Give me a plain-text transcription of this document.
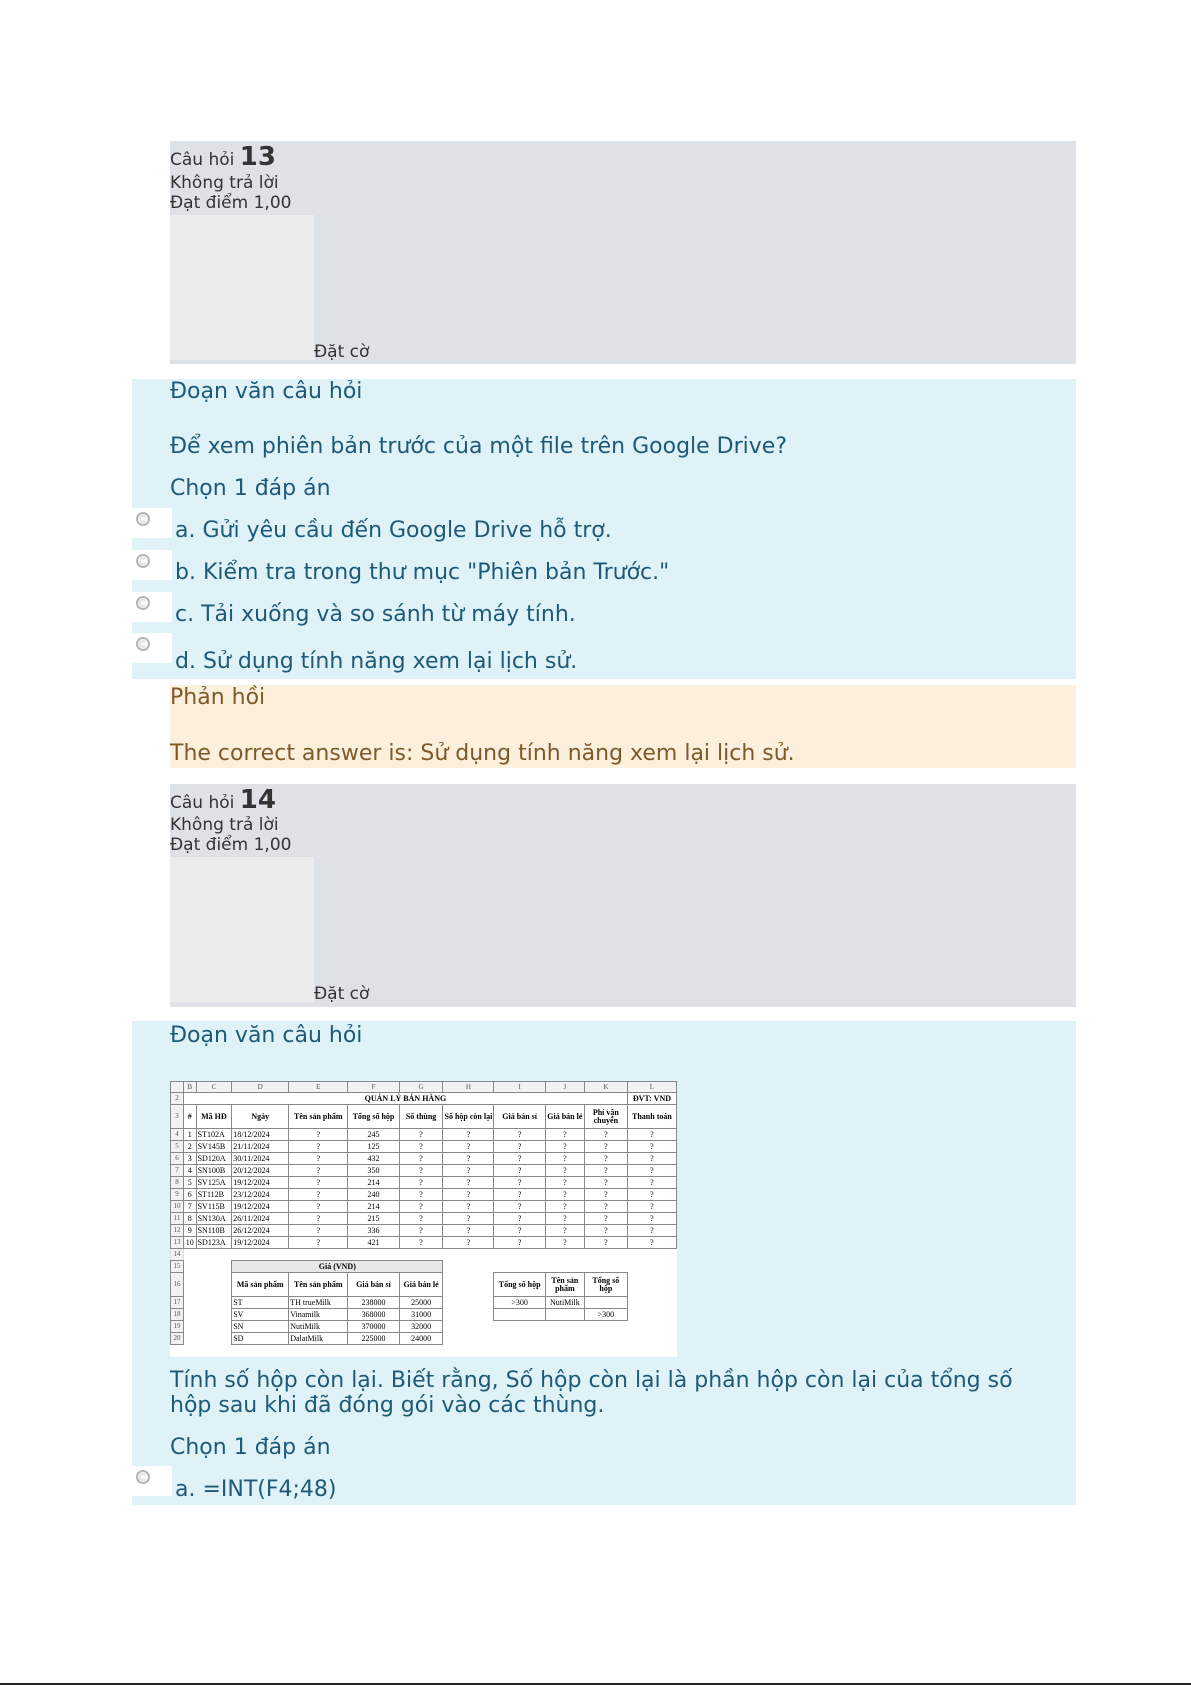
Câu hỏi 13
Không trả lời
Đạt điểm 1,00
Đặt cờ
Đoạn văn câu hỏi
Để xem phiên bản trước của một file trên Google Drive?
Chọn 1 đáp án
a. Gửi yêu cầu đến Google Drive hỗ trợ.
b. Kiểm tra trong thư mục "Phiên bản Trước."
c. Tải xuống và so sánh từ máy tính.
d. Sử dụng tính năng xem lại lịch sử.
Phản hồi
The correct answer is: Sử dụng tính năng xem lại lịch sử.
Câu hỏi 14
Không trả lời
Đạt điểm 1,00
Đặt cờ
Đoạn văn câu hỏi
	B	C	D	E	F	G	H	I	J	K	L
2	QUẢN LÝ BÁN HÀNG										ĐVT: VND
3	#	Mã HĐ	Ngày	Tên sản phẩm	Tổng số hộp	Số thùng	Số hộp còn lại	Giá bán sỉ	Giá bán lẻ	Phí vận chuyển	Thanh toán
4	1	ST102A	18/12/2024	?	245	?	?	?	?	?	?
5	2	SV145B	21/11/2024	?	125	?	?	?	?	?	?
6	3	SD120A	30/11/2024	?	432	?	?	?	?	?	?
7	4	SN100B	20/12/2024	?	350	?	?	?	?	?	?
8	5	SV125A	19/12/2024	?	214	?	?	?	?	?	?
9	6	ST112B	23/12/2024	?	240	?	?	?	?	?	?
10	7	SV115B	19/12/2024	?	214	?	?	?	?	?	?
11	8	SN130A	26/11/2024	?	215	?	?	?	?	?	?
12	9	SN110B	26/12/2024	?	336	?	?	?	?	?	?
13	10	SD123A	19/12/2024	?	421	?	?	?	?	?	?
14											
15			Giá (VND)								
16			Mã sản phẩm	Tên sản phẩm	Giá bán sỉ	Giá bán lẻ		Tổng số hộp	Tên sản phẩm	Tổng số hộp	
17			ST	TH trueMilk	238000	25000		>300	NutiMilk		
18			SV	Vinamilk	368000	31000				>300	
19			SN	NutiMilk	370000	32000					
20			SD	DalatMilk	225000	24000					
Tính số hộp còn lại. Biết rằng, Số hộp còn lại là phần hộp còn lại của tổng số
hộp sau khi đã đóng gói vào các thùng.
Chọn 1 đáp án
a. =INT(F4;48)
